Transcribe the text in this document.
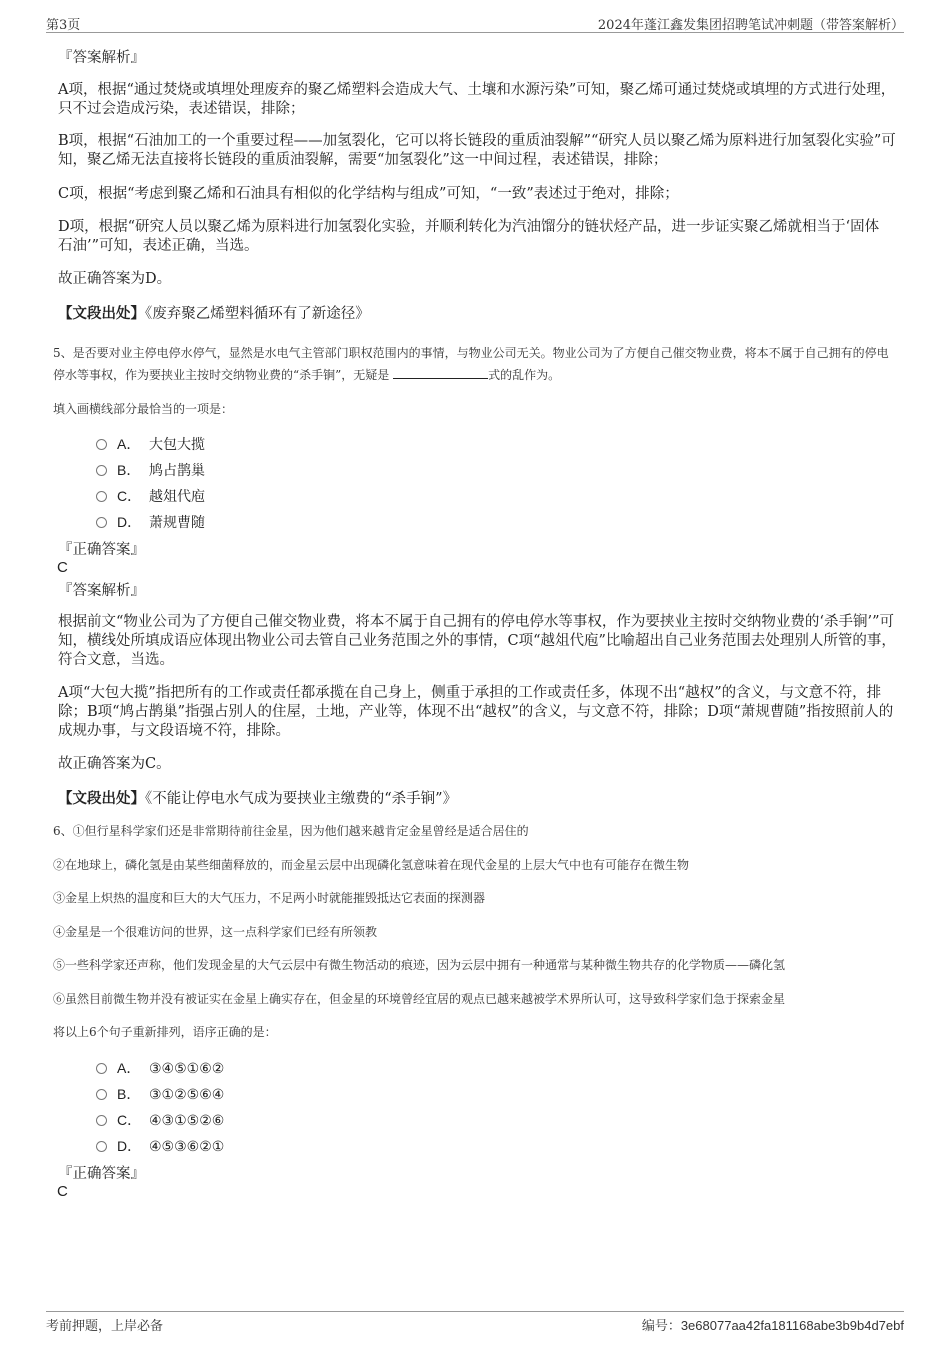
第3页	2024年蓬江鑫发集团招聘笔试冲刺题（带答案解析）
『答案解析』

A项，根据“通过焚烧或填埋处理废弃的聚乙烯塑料会造成大气、土壤和水源污染”可知，聚乙烯可通过焚烧或填埋的方式进行处理，只不过会造成污染，表述错误，排除；

B项，根据“石油加工的一个重要过程——加氢裂化，它可以将长链段的重质油裂解”“研究人员以聚乙烯为原料进行加氢裂化实验”可知，聚乙烯无法直接将长链段的重质油裂解，需要“加氢裂化”这一中间过程，表述错误，排除；

C项，根据“考虑到聚乙烯和石油具有相似的化学结构与组成”可知，“一致”表述过于绝对，排除；

D项，根据“研究人员以聚乙烯为原料进行加氢裂化实验，并顺利转化为汽油馏分的链状烃产品，进一步证实聚乙烯就相当于‘固体石油’”可知，表述正确，当选。

故正确答案为D。
【文段出处】《废弃聚乙烯塑料循环有了新途径》

5、是否要对业主停电停水停气，显然是水电气主管部门职权范围内的事情，与物业公司无关。物业公司为了方便自己催交物业费，将本不属于自己拥有的停电停水等事权，作为要挟业主按时交纳物业费的“杀手锏”，无疑是	式的乱作为。

填入画横线部分最恰当的一项是：
A． 大包大揽
B． 鸠占鹊巢
C． 越俎代庖
D． 萧规曹随
『正确答案』
C
『答案解析』

根据前文“物业公司为了方便自己催交物业费，将本不属于自己拥有的停电停水等事权，作为要挟业主按时交纳物业费的‘杀手锏’”可知，横线处所填成语应体现出物业公司去管自己业务范围之外的事情，C项“越俎代庖”比喻超出自己业务范围去处理别人所管的事，符合文意，当选。

A项“大包大揽”指把所有的工作或责任都承揽在自己身上，侧重于承担的工作或责任多，体现不出“越权”的含义，与文意不符，排除；B项“鸠占鹊巢”指强占别人的住屋，土地，产业等，体现不出“越权”的含义，与文意不符，排除；D项“萧规曹随”指按照前人的成规办事，与文段语境不符，排除。

故正确答案为C。
【文段出处】《不能让停电水气成为要挟业主缴费的“杀手锏”》
6、①但行星科学家们还是非常期待前往金星，因为他们越来越肯定金星曾经是适合居住的
②在地球上，磷化氢是由某些细菌释放的，而金星云层中出现磷化氢意味着在现代金星的上层大气中也有可能存在微生物
③金星上炽热的温度和巨大的大气压力，不足两小时就能摧毁抵达它表面的探测器
④金星是一个很难访问的世界，这一点科学家们已经有所领教
⑤一些科学家还声称，他们发现金星的大气云层中有微生物活动的痕迹，因为云层中拥有一种通常与某种微生物共存的化学物质——磷化氢
⑥虽然目前微生物并没有被证实在金星上确实存在，但金星的环境曾经宜居的观点已越来越被学术界所认可，这导致科学家们急于探索金星
将以上6个句子重新排列，语序正确的是：
A． ③④⑤①⑥②
B． ③①②⑤⑥④
C． ④③①⑤②⑥
D． ④⑤③⑥②①
『正确答案』
C
考前押题，上岸必备	编号：3e68077aa42fa181168abe3b9b4d7ebf
